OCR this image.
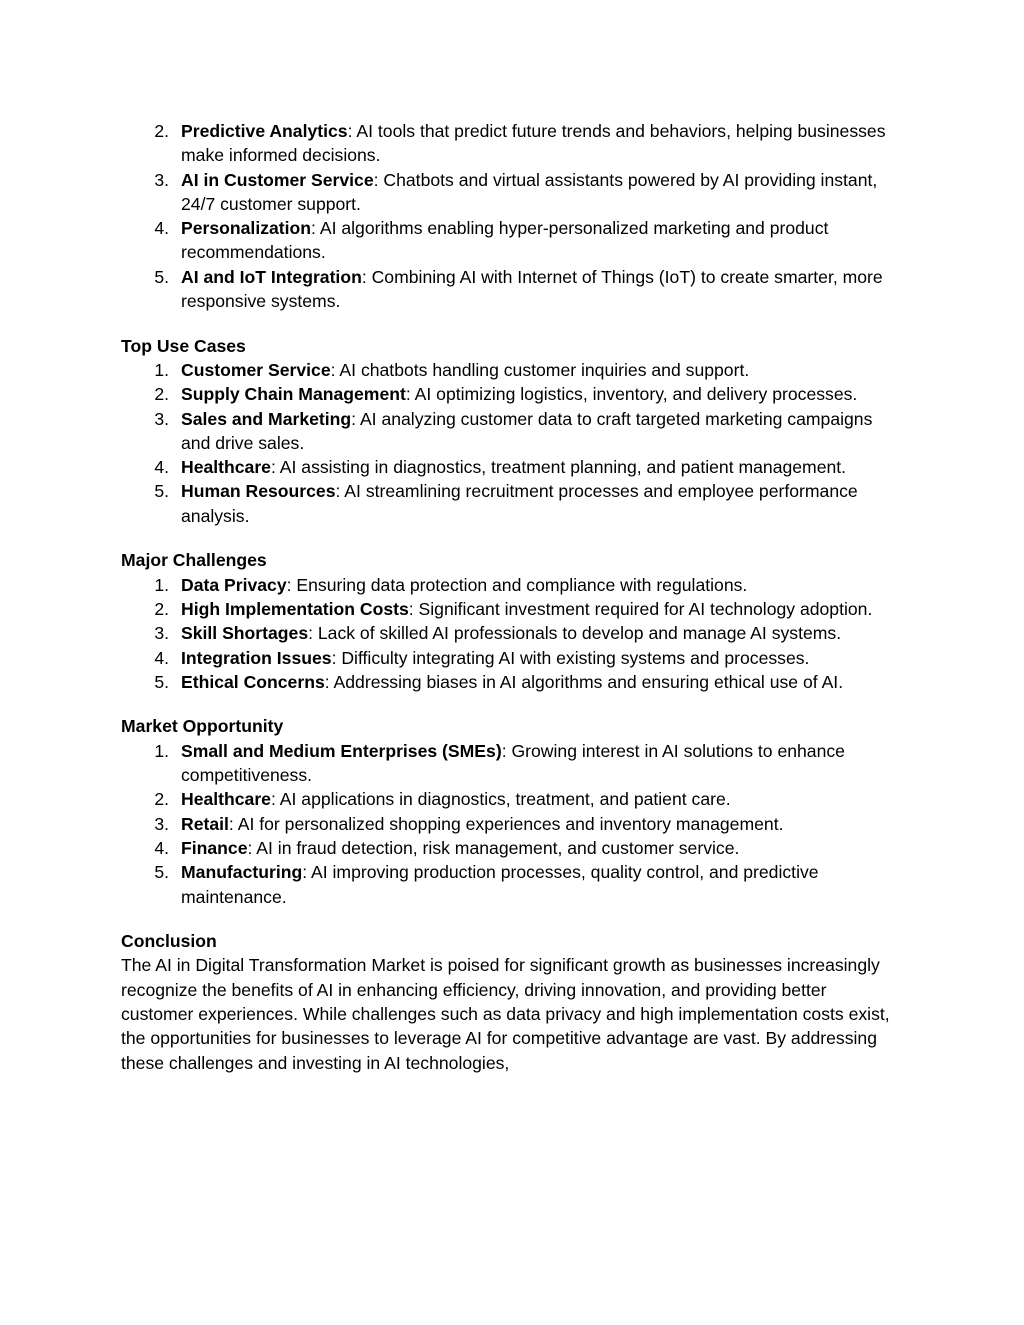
2. Predictive Analytics: AI tools that predict future trends and behaviors, helping businesses make informed decisions.
3. AI in Customer Service: Chatbots and virtual assistants powered by AI providing instant, 24/7 customer support.
4. Personalization: AI algorithms enabling hyper-personalized marketing and product recommendations.
5. AI and IoT Integration: Combining AI with Internet of Things (IoT) to create smarter, more responsive systems.

Top Use Cases

1. Customer Service: AI chatbots handling customer inquiries and support.
2. Supply Chain Management: AI optimizing logistics, inventory, and delivery processes.
3. Sales and Marketing: AI analyzing customer data to craft targeted marketing campaigns and drive sales.
4. Healthcare: AI assisting in diagnostics, treatment planning, and patient management.
5. Human Resources: AI streamlining recruitment processes and employee performance analysis.

Major Challenges

1. Data Privacy: Ensuring data protection and compliance with regulations.
2. High Implementation Costs: Significant investment required for AI technology adoption.
3. Skill Shortages: Lack of skilled AI professionals to develop and manage AI systems.
4. Integration Issues: Difficulty integrating AI with existing systems and processes.
5. Ethical Concerns: Addressing biases in AI algorithms and ensuring ethical use of AI.

Market Opportunity

1. Small and Medium Enterprises (SMEs): Growing interest in AI solutions to enhance competitiveness.
2. Healthcare: AI applications in diagnostics, treatment, and patient care.
3. Retail: AI for personalized shopping experiences and inventory management.
4. Finance: AI in fraud detection, risk management, and customer service.
5. Manufacturing: AI improving production processes, quality control, and predictive maintenance.

Conclusion

The AI in Digital Transformation Market is poised for significant growth as businesses increasingly recognize the benefits of AI in enhancing efficiency, driving innovation, and providing better customer experiences. While challenges such as data privacy and high implementation costs exist, the opportunities for businesses to leverage AI for competitive advantage are vast. By addressing these challenges and investing in AI technologies,
